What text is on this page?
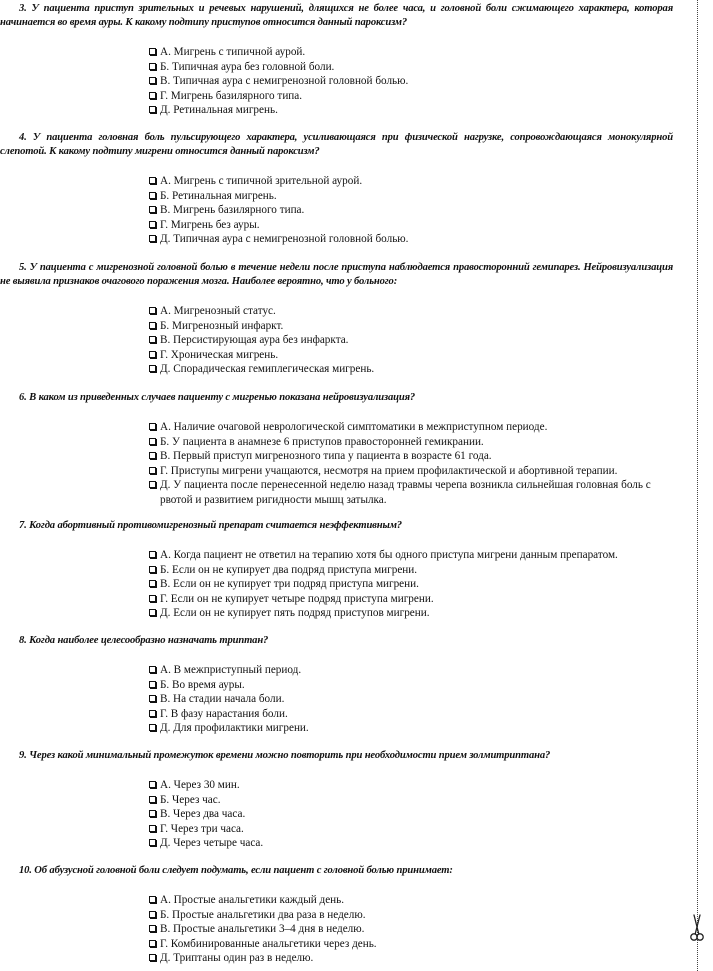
3. У пациента приступ зрительных и речевых нарушений, длящихся не более часа, и головной боли сжимающего характера, которая начинается во время ауры. К какому подтипу приступов относится данный пароксизм?
А. Мигрень с типичной аурой.
Б. Типичная аура без головной боли.
В. Типичная аура с немигренозной головной болью.
Г. Мигрень базилярного типа.
Д. Ретинальная мигрень.
4. У пациента головная боль пульсирующего характера, усиливающаяся при физической нагрузке, сопровождающаяся монокулярной слепотой. К какому подтипу мигрени относится данный пароксизм?
А. Мигрень с типичной зрительной аурой.
Б. Ретинальная мигрень.
В. Мигрень базилярного типа.
Г. Мигрень без ауры.
Д. Типичная аура с немигренозной головной болью.
5. У пациента с мигренозной головной болью в течение недели после приступа наблюдается правосторонний гемипарез. Нейровизуализация не выявила признаков очагового поражения мозга. Наиболее вероятно, что у больного:
А. Мигренозный статус.
Б. Мигренозный инфаркт.
В. Персистирующая аура без инфаркта.
Г. Хроническая мигрень.
Д. Спорадическая гемиплегическая мигрень.
6. В каком из приведенных случаев пациенту с мигренью показана нейровизуализация?
А. Наличие очаговой неврологической симптоматики в межприступном периоде.
Б. У пациента в анамнезе 6 приступов правосторонней гемикрании.
В. Первый приступ мигренозного типа у пациента в возрасте 61 года.
Г. Приступы мигрени учащаются, несмотря на прием профилактической и абортивной терапии.
Д. У пациента после перенесенной неделю назад травмы черепа возникла сильнейшая головная боль с рвотой и развитием ригидности мышц затылка.
7. Когда абортивный противомигренозный препарат считается неэффективным?
А. Когда пациент не ответил на терапию хотя бы одного приступа мигрени данным препаратом.
Б. Если он не купирует два подряд приступа мигрени.
В. Если он не купирует три подряд приступа мигрени.
Г. Если он не купирует четыре подряд приступа мигрени.
Д. Если он не купирует пять подряд приступов мигрени.
8. Когда наиболее целесообразно назначать триптан?
А. В межприступный период.
Б. Во время ауры.
В. На стадии начала боли.
Г. В фазу нарастания боли.
Д. Для профилактики мигрени.
9. Через какой минимальный промежуток времени можно повторить при необходимости прием золмитриптана?
А. Через 30 мин.
Б. Через час.
В. Через два часа.
Г. Через три часа.
Д. Через четыре часа.
10. Об абузусной головной боли следует подумать, если пациент с головной болью принимает:
А. Простые анальгетики каждый день.
Б. Простые анальгетики два раза в неделю.
В. Простые анальгетики 3–4 дня в неделю.
Г. Комбинированные анальгетики через день.
Д. Триптаны один раз в неделю.
